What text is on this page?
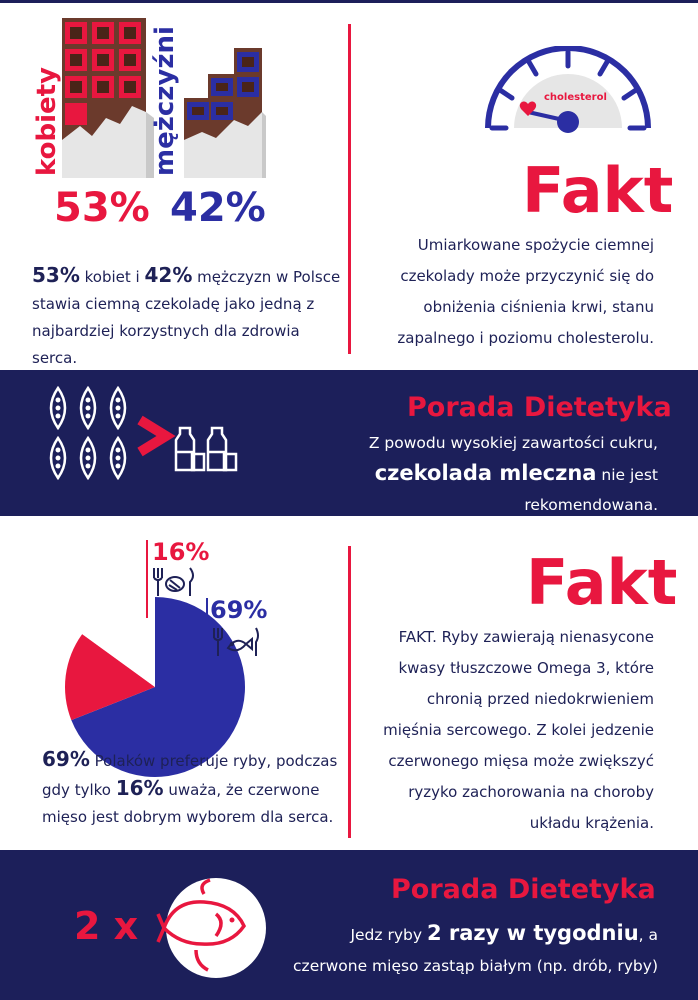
kobiety	mężczyźni
53% 42%
53% kobiet i 42% mężczyzn w Polsce stawia ciemną czekoladę jako jedną z najbardziej korzystnych dla zdrowia serca.
cholesterol
Fakt
Umiarkowane spożycie ciemnej czekolady może przyczynić się do obniżenia ciśnienia krwi, stanu zapalnego i poziomu cholesterolu.
Porada Dietetyka
Z powodu wysokiej zawartości cukru,
czekolada mleczna nie jest rekomendowana.
16%
69%
69% Polaków preferuje ryby, podczas gdy tylko 16% uważa, że czerwone mięso jest dobrym wyborem dla serca.
Fakt
FAKT. Ryby zawierają nienasycone kwasy tłuszczowe Omega 3, które chronią przed niedokrwieniem mięśnia sercowego. Z kolei jedzenie czerwonego mięsa może zwiększyć ryzyko zachorowania na choroby układu krążenia.
2 x
Porada Dietetyka
Jedz ryby 2 razy w tygodniu, a czerwone mięso zastąp białym (np. drób, ryby)
